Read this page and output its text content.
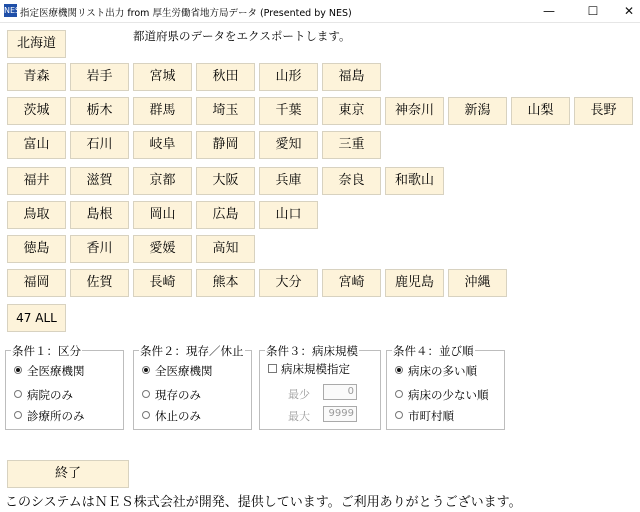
NES 指定医療機関リスト出力 from 厚生労働省地方局データ (Presented by NES)	—	☐	✕
都道府県のデータをエクスポートします。
北海道
青森	岩手	宮城	秋田	山形	福島
茨城	栃木	群馬	埼玉	千葉	東京	神奈川	新潟	山梨	長野
富山	石川	岐阜	静岡	愛知	三重
福井	滋賀	京都	大阪	兵庫	奈良	和歌山
鳥取	島根	岡山	広島	山口
徳島	香川	愛媛	高知
福岡	佐賀	長崎	熊本	大分	宮崎	鹿児島	沖縄
47 ALL
条件１：区分
全医療機関
病院のみ
診療所のみ
条件２：現存／休止
全医療機関
現存のみ
休止のみ
条件３：病床規模
病床規模指定
最少	0
最大	9999
条件４：並び順
病床の多い順
病床の少ない順
市町村順
終了
このシステムはＮＥＳ株式会社が開発、提供しています。ご利用ありがとうございます。
